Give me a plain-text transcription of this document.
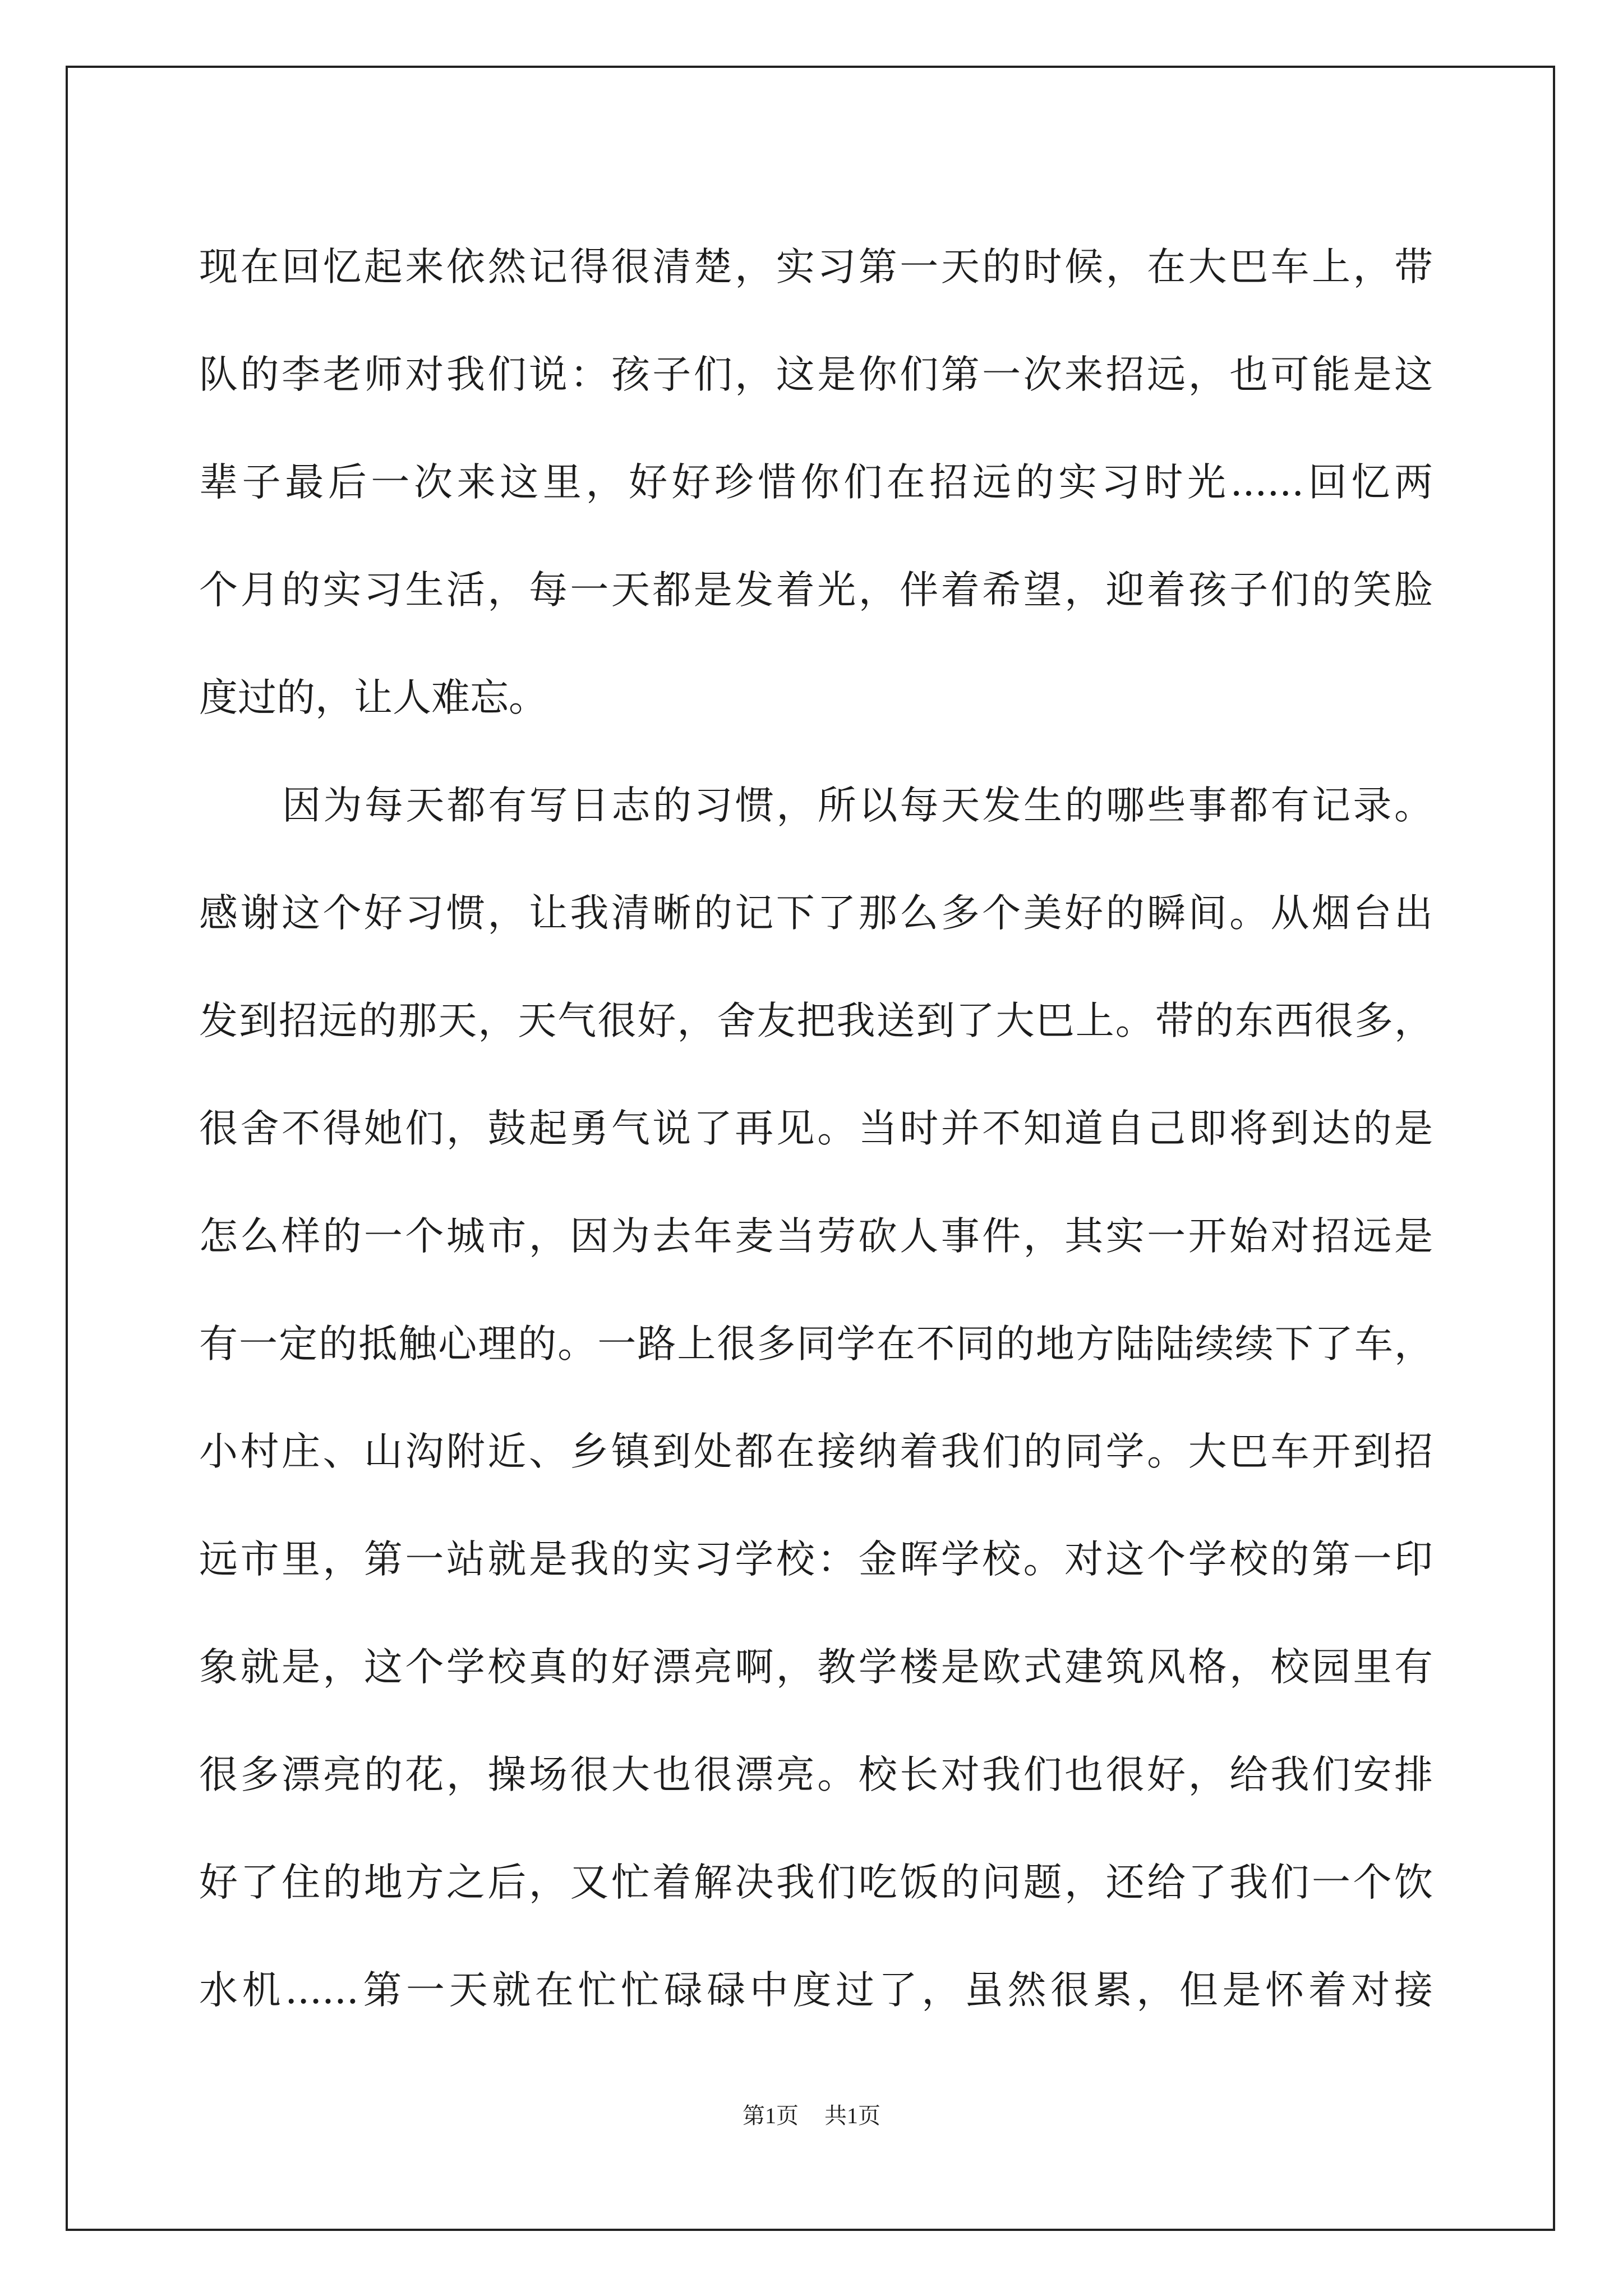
现在回忆起来依然记得很清楚，实习第一天的时候，在大巴车上，带
队的李老师对我们说：孩子们，这是你们第一次来招远，也可能是这
辈子最后一次来这里，好好珍惜你们在招远的实习时光......回忆两
个月的实习生活，每一天都是发着光，伴着希望，迎着孩子们的笑脸
度过的，让人难忘。
因为每天都有写日志的习惯，所以每天发生的哪些事都有记录。
感谢这个好习惯，让我清晰的记下了那么多个美好的瞬间。从烟台出
发到招远的那天，天气很好，舍友把我送到了大巴上。带的东西很多，
很舍不得她们，鼓起勇气说了再见。当时并不知道自己即将到达的是
怎么样的一个城市，因为去年麦当劳砍人事件，其实一开始对招远是
有一定的抵触心理的。一路上很多同学在不同的地方陆陆续续下了车，
小村庄、山沟附近、乡镇到处都在接纳着我们的同学。大巴车开到招
远市里，第一站就是我的实习学校：金晖学校。对这个学校的第一印
象就是，这个学校真的好漂亮啊，教学楼是欧式建筑风格，校园里有
很多漂亮的花，操场很大也很漂亮。校长对我们也很好，给我们安排
好了住的地方之后，又忙着解决我们吃饭的问题，还给了我们一个饮
水机......第一天就在忙忙碌碌中度过了，虽然很累，但是怀着对接
第1页 共1页
